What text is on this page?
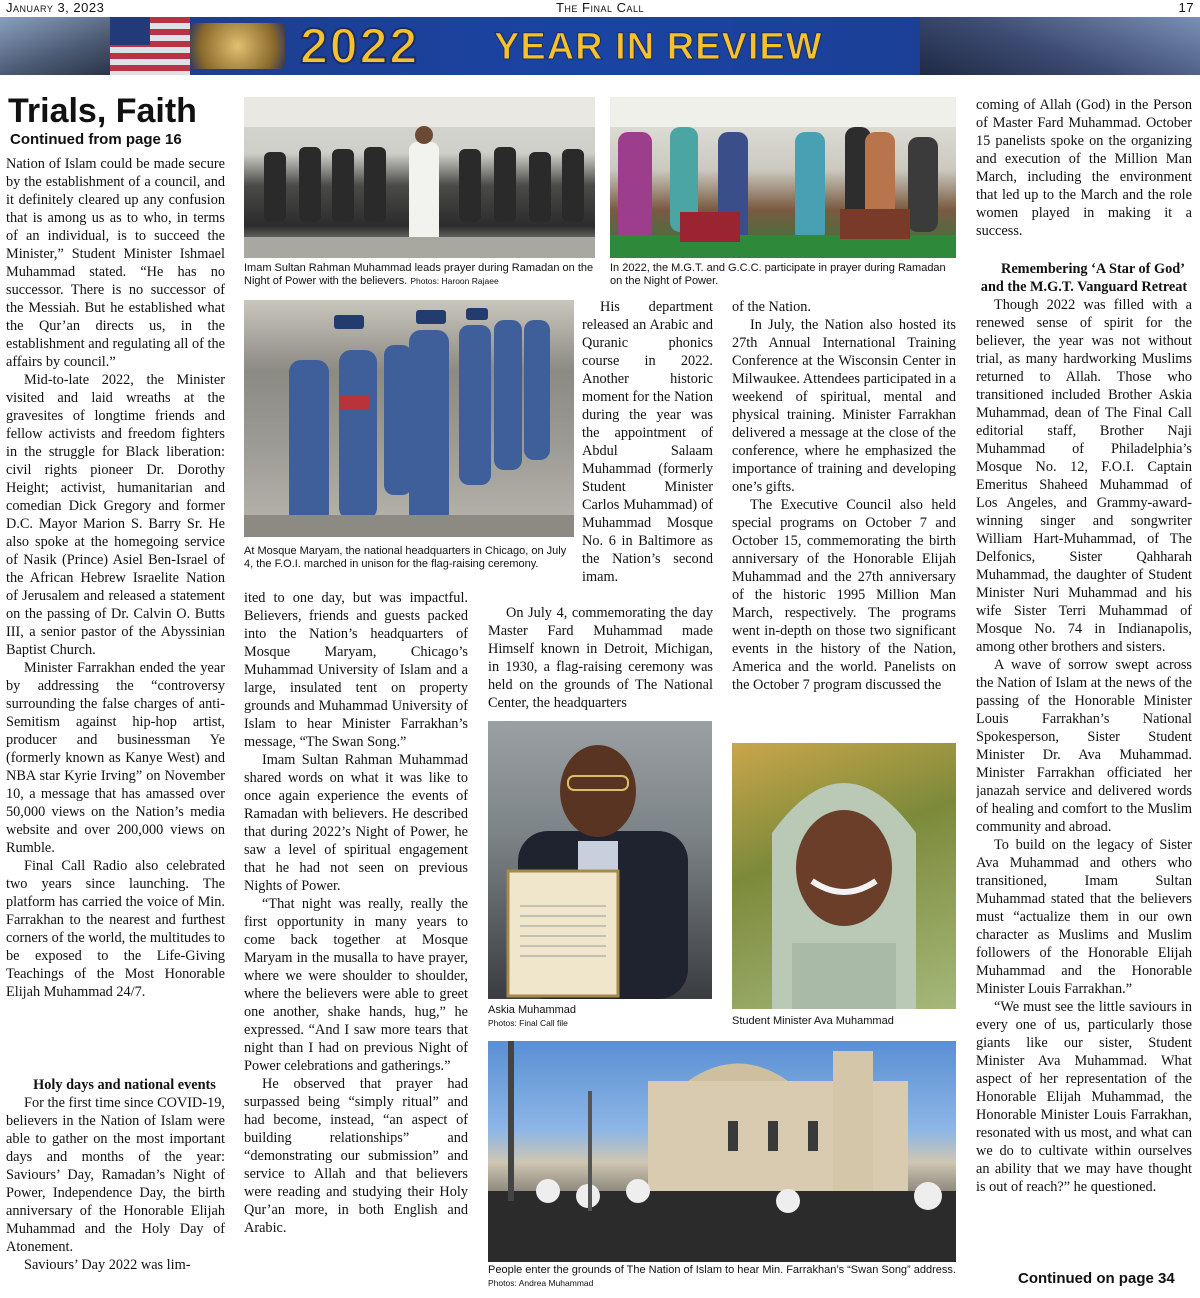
January 3, 2023	The Final Call	17
2022 YEAR IN REVIEW
Trials, Faith
Continued from page 16

Nation of Islam could be made secure by the establishment of a council, and it definitely cleared up any confusion that is among us as to who, in terms of an individual, is to succeed the Minister,” Student Minister Ishmael Muhammad stated. “He has no successor. There is no successor of the Messiah. But he established what the Qur’an directs us, in the establishment and regulating all of the affairs by council.”

Mid-to-late 2022, the Minister visited and laid wreaths at the gravesites of longtime friends and fellow activists and freedom fighters in the struggle for Black liberation: civil rights pioneer Dr. Dorothy Height; activist, humanitarian and comedian Dick Gregory and former D.C. Mayor Marion S. Barry Sr. He also spoke at the homegoing service of Nasik (Prince) Asiel Ben-Israel of the African Hebrew Israelite Nation of Jerusalem and released a statement on the passing of Dr. Calvin O. Butts III, a senior pastor of the Abyssinian Baptist Church.

Minister Farrakhan ended the year by addressing the “controversy surrounding the false charges of anti-Semitism against hip-hop artist, producer and businessman Ye (formerly known as Kanye West) and NBA star Kyrie Irving” on November 10, a message that has amassed over 50,000 views on the Nation’s media website and over 200,000 views on Rumble.

Final Call Radio also celebrated two years since launching. The platform has carried the voice of Min. Farrakhan to the nearest and furthest corners of the world, the multitudes to be exposed to the Life-Giving Teachings of the Most Honorable Elijah Muhammad 24/7.

Holy days and national events

For the first time since COVID-19, believers in the Nation of Islam were able to gather on the most important days and months of the year: Saviours’ Day, Ramadan’s Night of Power, Independence Day, the birth anniversary of the Honorable Elijah Muhammad and the Holy Day of Atonement.

Saviours’ Day 2022 was lim-

Imam Sultan Rahman Muhammad leads prayer during Ramadan on the Night of Power with the believers. Photos: Haroon Rajaee
In 2022, the M.G.T. and G.C.C. participate in prayer during Ramadan on the Night of Power.
At Mosque Maryam, the national headquarters in Chicago, on July 4, the F.O.I. marched in unison for the flag-raising ceremony.

ited to one day, but was impactful. Believers, friends and guests packed into the Nation’s headquarters of Mosque Maryam, Chicago’s Muhammad University of Islam and a large, insulated tent on property grounds and Muhammad University of Islam to hear Minister Farrakhan’s message, “The Swan Song.”

Imam Sultan Rahman Muhammad shared words on what it was like to once again experience the events of Ramadan with believers. He described that during 2022’s Night of Power, he saw a level of spiritual engagement that he had not seen on previous Nights of Power.

“That night was really, really the first opportunity in many years to come back together at Mosque Maryam in the musalla to have prayer, where we were shoulder to shoulder, where the believers were able to greet one another, shake hands, hug,” he expressed. “And I saw more tears that night than I had on previous Night of Power celebrations and gatherings.”

He observed that prayer had surpassed being “simply ritual” and had become, instead, “an aspect of building relationships” and “demonstrating our submission” and service to Allah and that believers were reading and studying their Holy Qur’an more, in both English and Arabic.

His department released an Arabic and Quranic phonics course in 2022. Another historic moment for the Nation during the year was the appointment of Abdul Salaam Muhammad (formerly Student Minister Carlos Muhammad) of Muhammad Mosque No. 6 in Baltimore as the Nation’s second imam.

On July 4, commemorating the day Master Fard Muhammad made Himself known in Detroit, Michigan, in 1930, a flag-raising ceremony was held on the grounds of The National Center, the headquarters

of the Nation.

In July, the Nation also hosted its 27th Annual International Training Conference at the Wisconsin Center in Milwaukee. Attendees participated in a weekend of spiritual, mental and physical training. Minister Farrakhan delivered a message at the close of the conference, where he emphasized the importance of training and developing one’s gifts.

The Executive Council also held special programs on October 7 and October 15, commemorating the birth anniversary of the Honorable Elijah Muhammad and the 27th anniversary of the historic 1995 Million Man March, respectively. The programs went in-depth on those two significant events in the history of the Nation, America and the world. Panelists on the October 7 program discussed the

Askia Muhammad
Photos: Final Call file	Student Minister Ava Muhammad
People enter the grounds of The Nation of Islam to hear Min. Farrakhan’s “Swan Song” address. Photos: Andrea Muhammad

coming of Allah (God) in the Person of Master Fard Muhammad. October 15 panelists spoke on the organizing and execution of the Million Man March, including the environment that led up to the March and the role women played in making it a success.

Remembering ‘A Star of God’ and the M.G.T. Vanguard Retreat

Though 2022 was filled with a renewed sense of spirit for the believer, the year was not without trial, as many hardworking Muslims returned to Allah. Those who transitioned included Brother Askia Muhammad, dean of The Final Call editorial staff, Brother Naji Muhammad of Philadelphia’s Mosque No. 12, F.O.I. Captain Emeritus Shaheed Muhammad of Los Angeles, and Grammy-award-winning singer and songwriter William Hart-Muhammad, of The Delfonics, Sister Qahharah Muhammad, the daughter of Student Minister Nuri Muhammad and his wife Sister Terri Muhammad of Mosque No. 74 in Indianapolis, among other brothers and sisters.

A wave of sorrow swept across the Nation of Islam at the news of the passing of the Honorable Minister Louis Farrakhan’s National Spokesperson, Sister Student Minister Dr. Ava Muhammad. Minister Farrakhan officiated her janazah service and delivered words of healing and comfort to the Muslim community and abroad.

To build on the legacy of Sister Ava Muhammad and others who transitioned, Imam Sultan Muhammad stated that the believers must “actualize them in our own character as Muslims and Muslim followers of the Honorable Elijah Muhammad and the Honorable Minister Louis Farrakhan.”

“We must see the little saviours in every one of us, particularly those giants like our sister, Student Minister Ava Muhammad. What aspect of her representation of the Honorable Elijah Muhammad, the Honorable Minister Louis Farrakhan, resonated with us most, and what can we do to cultivate within ourselves an ability that we may have thought is out of reach?” he questioned.

Continued on page 34
